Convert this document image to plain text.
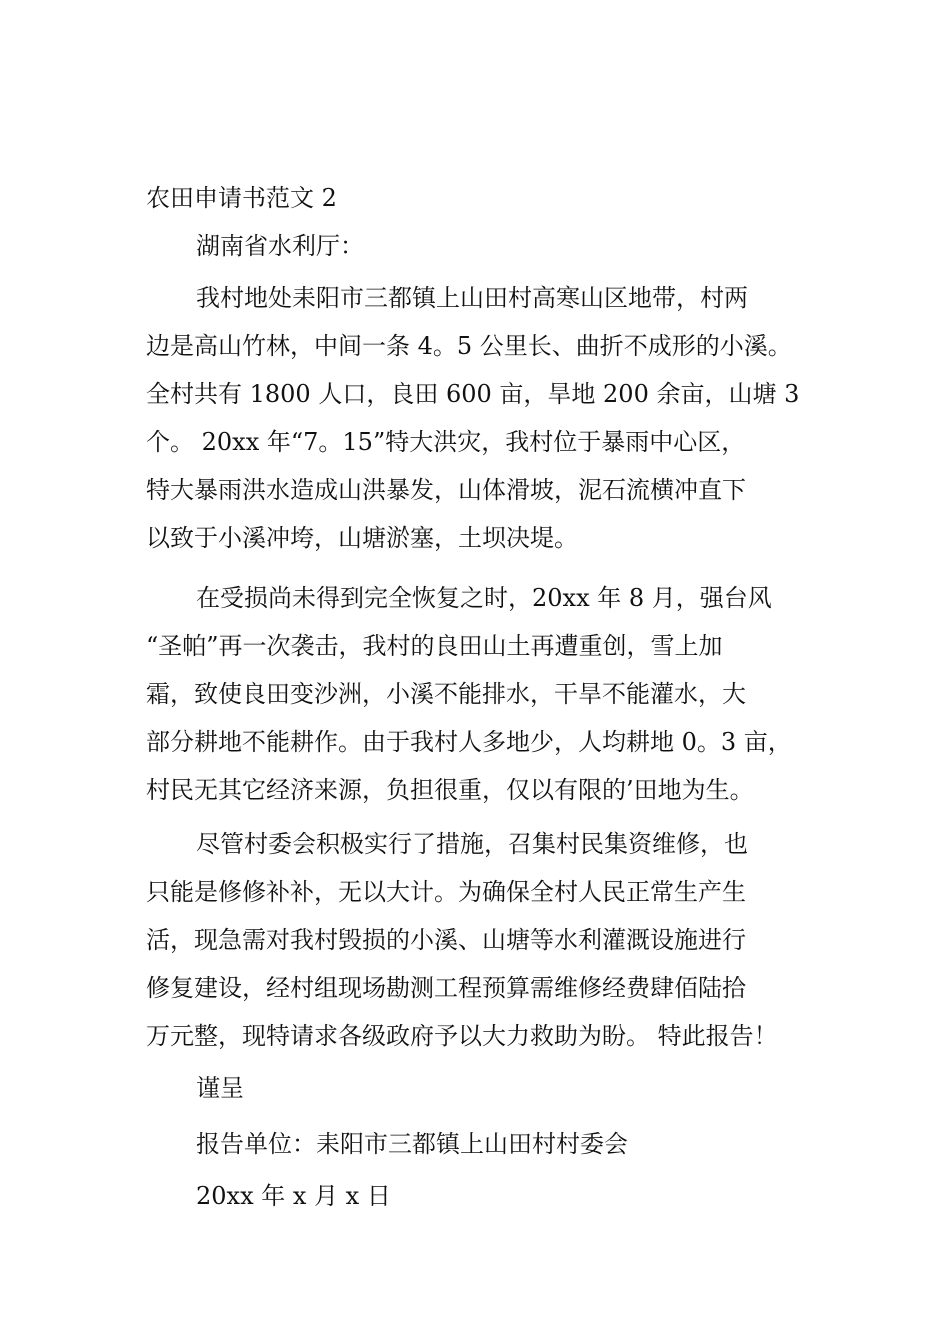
农田申请书范文 2
湖南省水利厅：
我村地处耒阳市三都镇上山田村高寒山区地带，村两
边是高山竹林，中间一条 4。5 公里长、曲折不成形的小溪。
全村共有 1800 人口，良田 600 亩，旱地 200 余亩，山塘 3
个。 20xx 年“7。15”特大洪灾，我村位于暴雨中心区，
特大暴雨洪水造成山洪暴发，山体滑坡，泥石流横冲直下
以致于小溪冲垮，山塘淤塞，土坝决堤。
在受损尚未得到完全恢复之时，20xx 年 8 月，强台风
“圣帕”再一次袭击，我村的良田山土再遭重创，雪上加
霜，致使良田变沙洲，小溪不能排水，干旱不能灌水，大
部分耕地不能耕作。由于我村人多地少，人均耕地 0。3 亩，
村民无其它经济来源，负担很重，仅以有限的’田地为生。
尽管村委会积极实行了措施，召集村民集资维修，也
只能是修修补补，无以大计。为确保全村人民正常生产生
活，现急需对我村毁损的小溪、山塘等水利灌溉设施进行
修复建设，经村组现场勘测工程预算需维修经费肆佰陆拾
万元整，现特请求各级政府予以大力救助为盼。 特此报告！
谨呈
报告单位：耒阳市三都镇上山田村村委会
20xx 年 x 月 x 日
